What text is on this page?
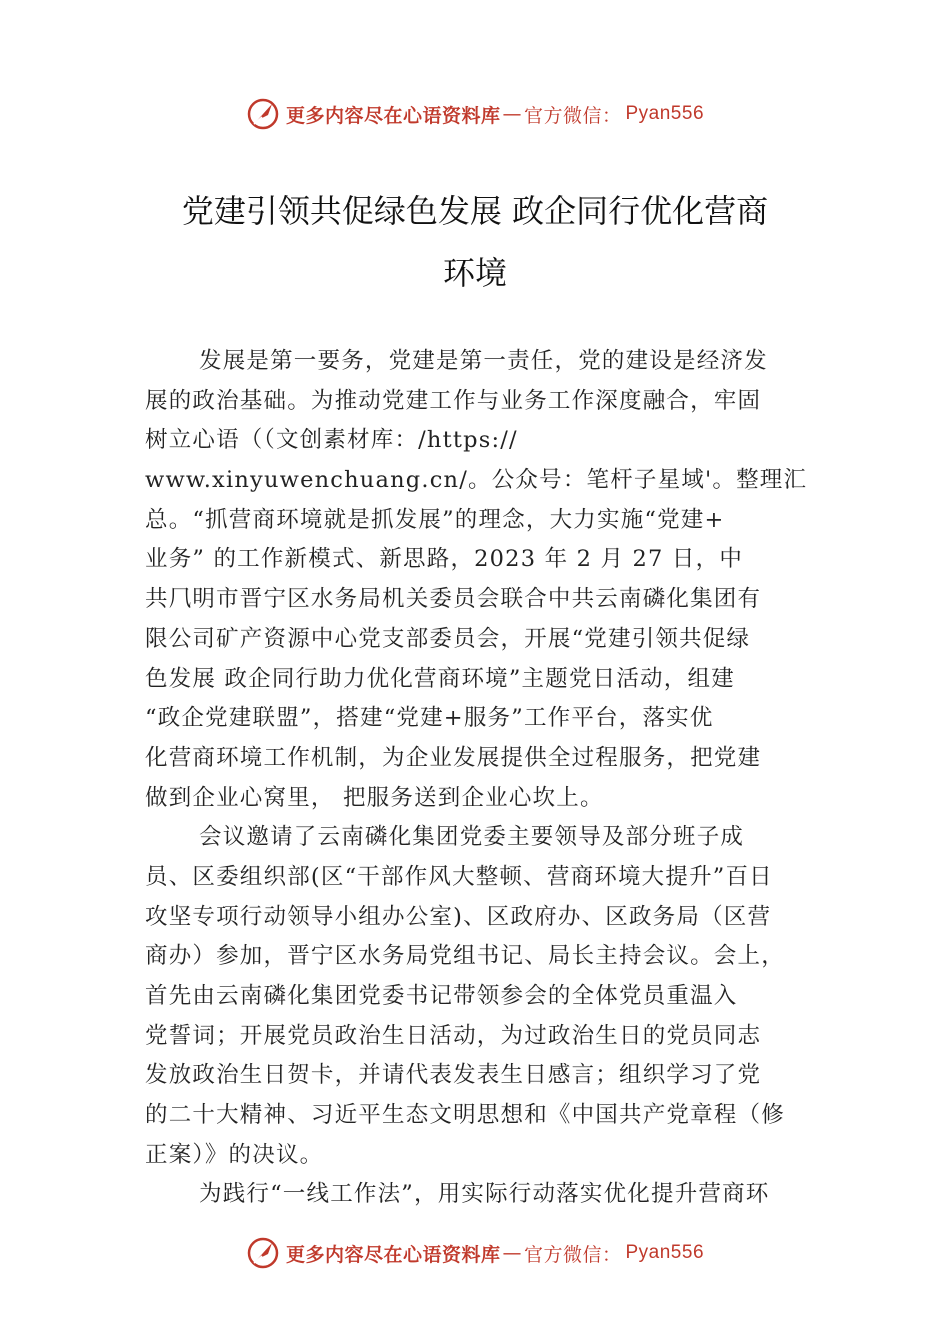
更多内容尽在心语资料库 — 官方微信： Pyan556
党建引领共促绿色发展 政企同行优化营商
环境
发展是第一要务，党建是第一责任，党的建设是经济发
展的政治基础。为推动党建工作与业务工作深度融合，牢固
树立心语（（文创素材库：/https://
www.xinyuwenchuang.cn/。公众号：笔杆子星域'。整理汇
总。“抓营商环境就是抓发展”的理念，大力实施“党建+
业务” 的工作新模式、新思路，2023 年 2 月 27 日，中
共⺇明市晋宁区水务局机关委员会联合中共云南磷化集团有
限公司矿产资源中心党支部委员会，开展“党建引领共促绿
色发展 政企同行助力优化营商环境”主题党日活动，组建
“政企党建联盟”，搭建“党建+服务”工作平台，落实优
化营商环境工作机制，为企业发展提供全过程服务，把党建
做到企业心窝里， 把服务送到企业心坎上。
会议邀请了云南磷化集团党委主要领导及部分班子成
员、区委组织部(区“干部作风大整顿、营商环境大提升”百日
攻坚专项行动领导小组办公室)、区政府办、区政务局（区营
商办）参加，晋宁区水务局党组书记、局长主持会议。会上，
首先由云南磷化集团党委书记带领参会的全体党员重温入
党誓词；开展党员政治生日活动，为过政治生日的党员同志
发放政治生日贺卡，并请代表发表生日感言；组织学习了党
的二十大精神、习近平生态文明思想和《中国共产党章程（修
正案）》的决议。
为践行“一线工作法”，用实际行动落实优化提升营商环
更多内容尽在心语资料库 — 官方微信： Pyan556
